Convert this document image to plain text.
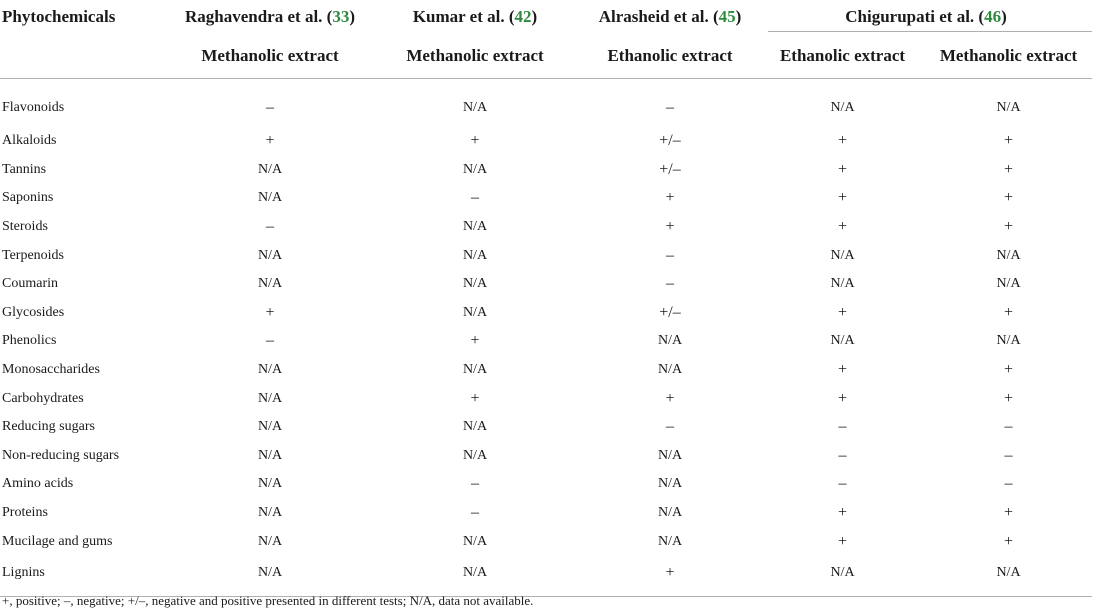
Phytochemicals	Raghavendra et al. (33)	Kumar et al. (42)	Alrasheid et al. (45)	Chigurupati et al. (46)	

	Methanolic extract	Methanolic extract	Ethanolic extract	Ethanolic extract	Methanolic extract
Flavonoids	–	N/A	–	N/A	N/A
Alkaloids	+	+	+/–	+	+
Tannins	N/A	N/A	+/–	+	+
Saponins	N/A	–	+	+	+
Steroids	–	N/A	+	+	+
Terpenoids	N/A	N/A	–	N/A	N/A
Coumarin	N/A	N/A	–	N/A	N/A
Glycosides	+	N/A	+/–	+	+
Phenolics	–	+	N/A	N/A	N/A
Monosaccharides	N/A	N/A	N/A	+	+
Carbohydrates	N/A	+	+	+	+
Reducing sugars	N/A	N/A	–	–	–
Non-reducing sugars	N/A	N/A	N/A	–	–
Amino acids	N/A	–	N/A	–	–
Proteins	N/A	–	N/A	+	+
Mucilage and gums	N/A	N/A	N/A	+	+
Lignins	N/A	N/A	+	N/A	N/A
+, positive; –, negative; +/–, negative and positive presented in different tests; N/A, data not available.
